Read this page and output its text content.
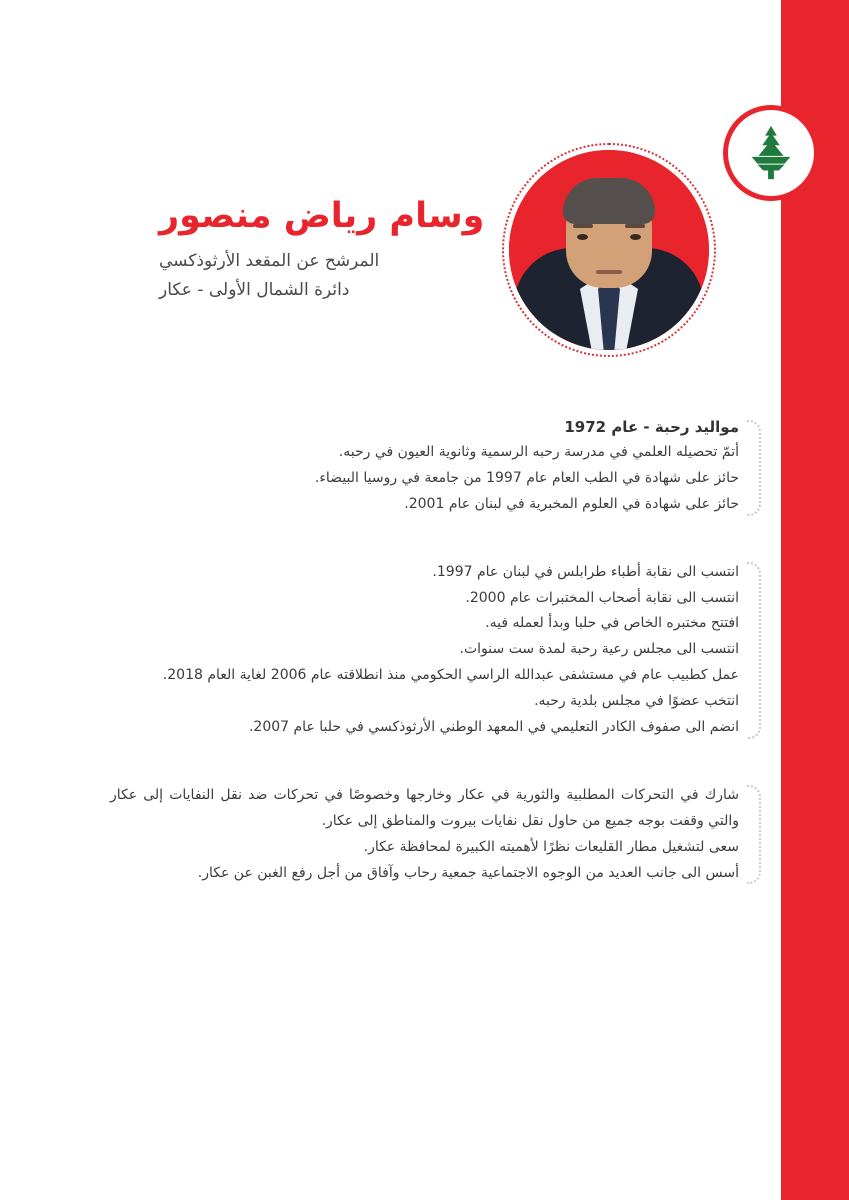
وسام رياض منصور
المرشح عن المقعد الأرثوذكسي
دائرة الشمال الأولى - عكار
مواليد رحبة - عام 1972

أتمّ تحصيله العلمي في مدرسة رحبه الرسمية وثانوية العيون في رحبه.

حائز على شهادة في الطب العام عام 1997 من جامعة في روسيا البيضاء.

حائز على شهادة في العلوم المخبرية في لبنان عام 2001.

انتسب الى نقابة أطباء طرابلس في لبنان عام 1997.

انتسب الى نقابة أصحاب المختبرات عام 2000.

افتتح مختبره الخاص في حلبا وبدأ لعمله فيه.

انتسب الى مجلس رعية رحبة لمدة ست سنوات.

عمل كطبيب عام في مستشفى عبدالله الراسي الحكومي منذ انطلاقته عام 2006 لغاية العام 2018.

انتخب عضوًا في مجلس بلدية رحبه.

انضم الى صفوف الكادر التعليمي في المعهد الوطني الأرثوذكسي في حلبا عام 2007.

شارك في التحركات المطلبية والثورية في عكار وخارجها وخصوصًا في تحركات ضد نقل النفايات إلى عكار والتي وقفت بوجه جميع من حاول نقل نفايات بيروت والمناطق إلى عكار.

سعى لتشغيل مطار القليعات نظرًا لأهميته الكبيرة لمحافظة عكار.

أسس الى جانب العديد من الوجوه الاجتماعية جمعية رحاب وآفاق من أجل رفع الغبن عن عكار.
